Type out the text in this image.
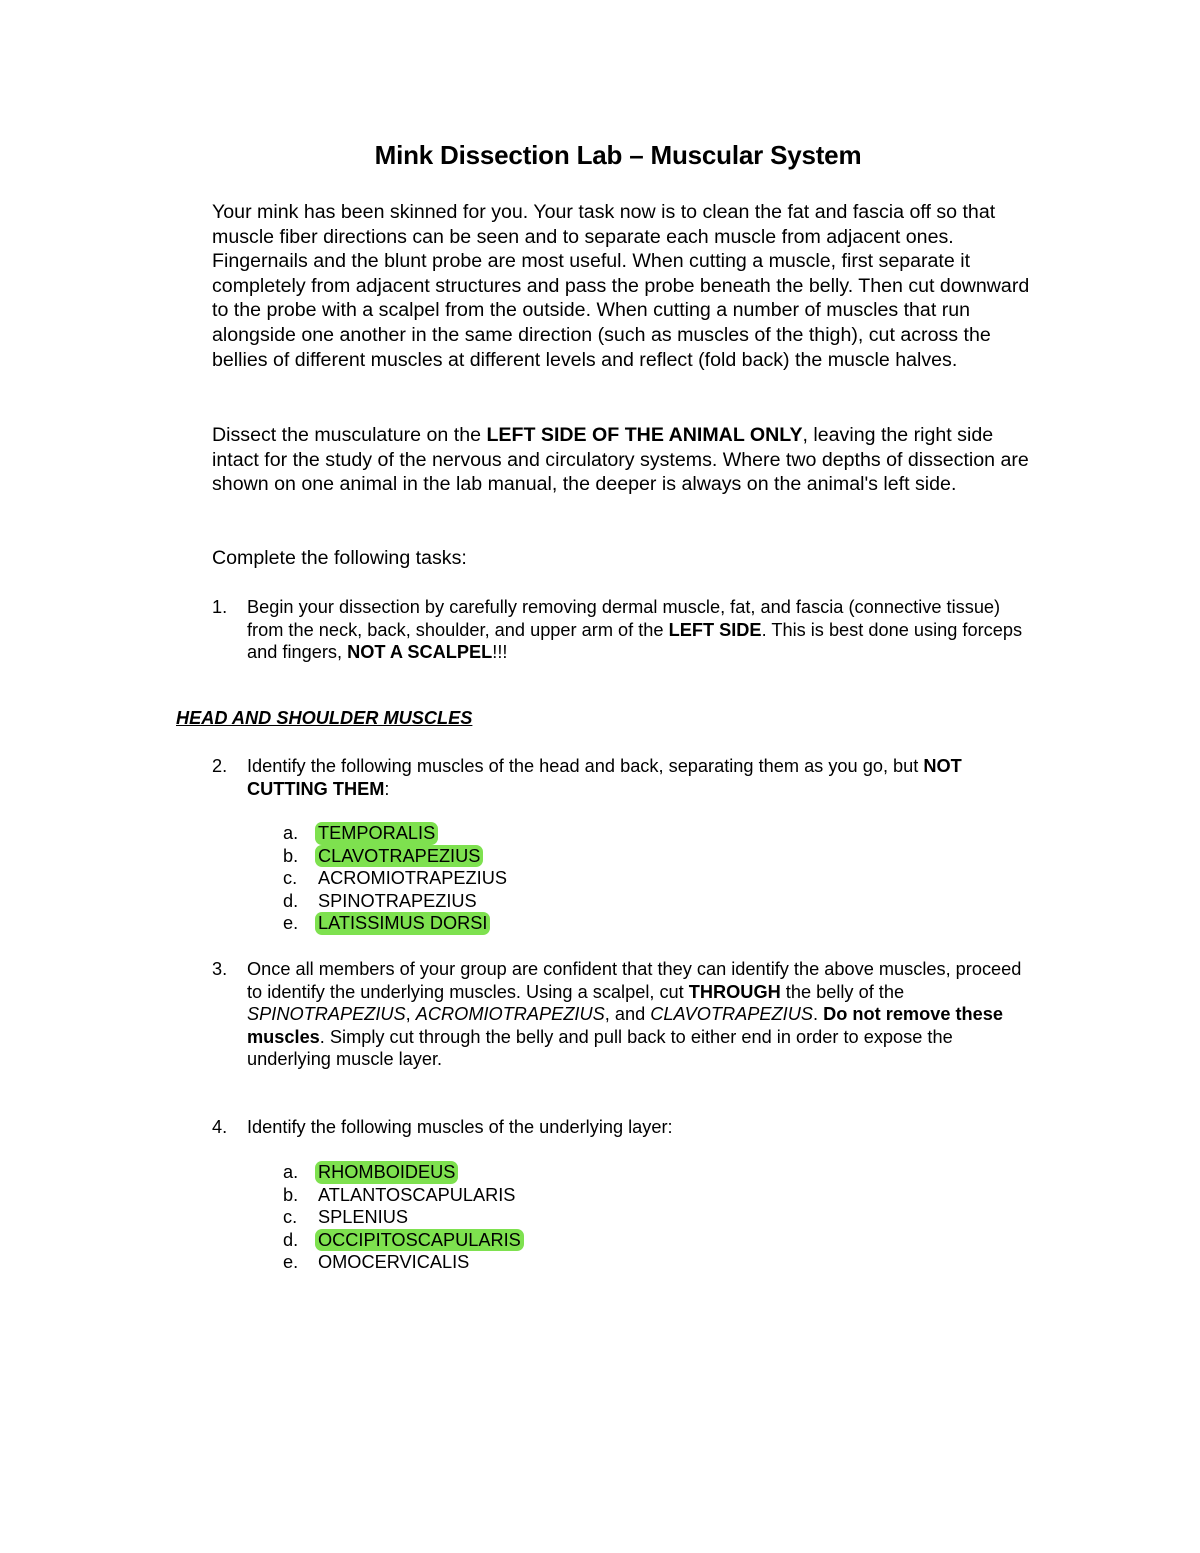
Mink Dissection Lab – Muscular System
Your mink has been skinned for you. Your task now is to clean the fat and fascia off so that muscle fiber directions can be seen and to separate each muscle from adjacent ones. Fingernails and the blunt probe are most useful. When cutting a muscle, first separate it completely from adjacent structures and pass the probe beneath the belly. Then cut downward to the probe with a scalpel from the outside. When cutting a number of muscles that run alongside one another in the same direction (such as muscles of the thigh), cut across the bellies of different muscles at different levels and reflect (fold back) the muscle halves.
Dissect the musculature on the LEFT SIDE OF THE ANIMAL ONLY, leaving the right side intact for the study of the nervous and circulatory systems. Where two depths of dissection are shown on one animal in the lab manual, the deeper is always on the animal's left side.
Complete the following tasks:
1. Begin your dissection by carefully removing dermal muscle, fat, and fascia (connective tissue) from the neck, back, shoulder, and upper arm of the LEFT SIDE. This is best done using forceps and fingers, NOT A SCALPEL!!!
HEAD AND SHOULDER MUSCLES
2. Identify the following muscles of the head and back, separating them as you go, but NOT CUTTING THEM:
a. TEMPORALIS
b. CLAVOTRAPEZIUS
c. ACROMIOTRAPEZIUS
d. SPINOTRAPEZIUS
e. LATISSIMUS DORSI
3. Once all members of your group are confident that they can identify the above muscles, proceed to identify the underlying muscles. Using a scalpel, cut THROUGH the belly of the SPINOTRAPEZIUS, ACROMIOTRAPEZIUS, and CLAVOTRAPEZIUS. Do not remove these muscles. Simply cut through the belly and pull back to either end in order to expose the underlying muscle layer.
4. Identify the following muscles of the underlying layer:
a. RHOMBOIDEUS
b. ATLANTOSCAPULARIS
c. SPLENIUS
d. OCCIPITOSCAPULARIS
e. OMOCERVICALIS
